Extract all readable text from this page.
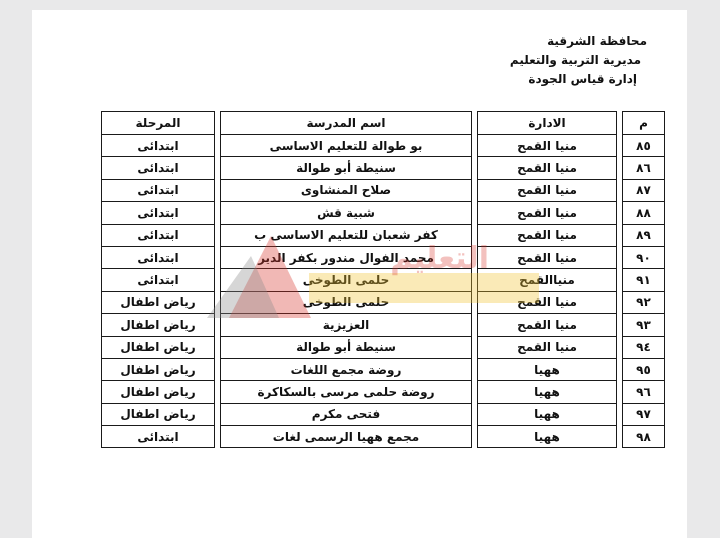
محافظة الشرقية
مديرية التربية والتعليم
إدارة قياس الجودة
م		الادارة		اسم المدرسة		المرحلة
٨٥		منيا القمح		بو طوالة للتعليم الاساسى		ابتدائى
٨٦		منيا القمح		سنيطة أبو طوالة		ابتدائى
٨٧		منيا القمح		صلاح المنشاوى		ابتدائى
٨٨		منيا القمح		شبية قش		ابتدائى
٨٩		منيا القمح		كفر شعبان للتعليم الاساسى ب		ابتدائى
٩٠		منيا القمح		محمد الفوال مندور بكفر الدير		ابتدائى
٩١		منياالقمح		حلمى الطوخى		ابتدائى
٩٢		منيا القمح		حلمى الطوخى		رياض اطفال
٩٣		منيا القمح		العزيزية		رياض اطفال
٩٤		منيا القمح		سنيطة أبو طوالة		رياض اطفال
٩٥		ههيا		روضة مجمع اللغات		رياض اطفال
٩٦		ههيا		روضة حلمى مرسى بالسكاكرة		رياض اطفال
٩٧		ههيا		فتحى مكرم		رياض اطفال
٩٨		ههيا		مجمع ههيا الرسمى لغات		ابتدائى
التعليم
